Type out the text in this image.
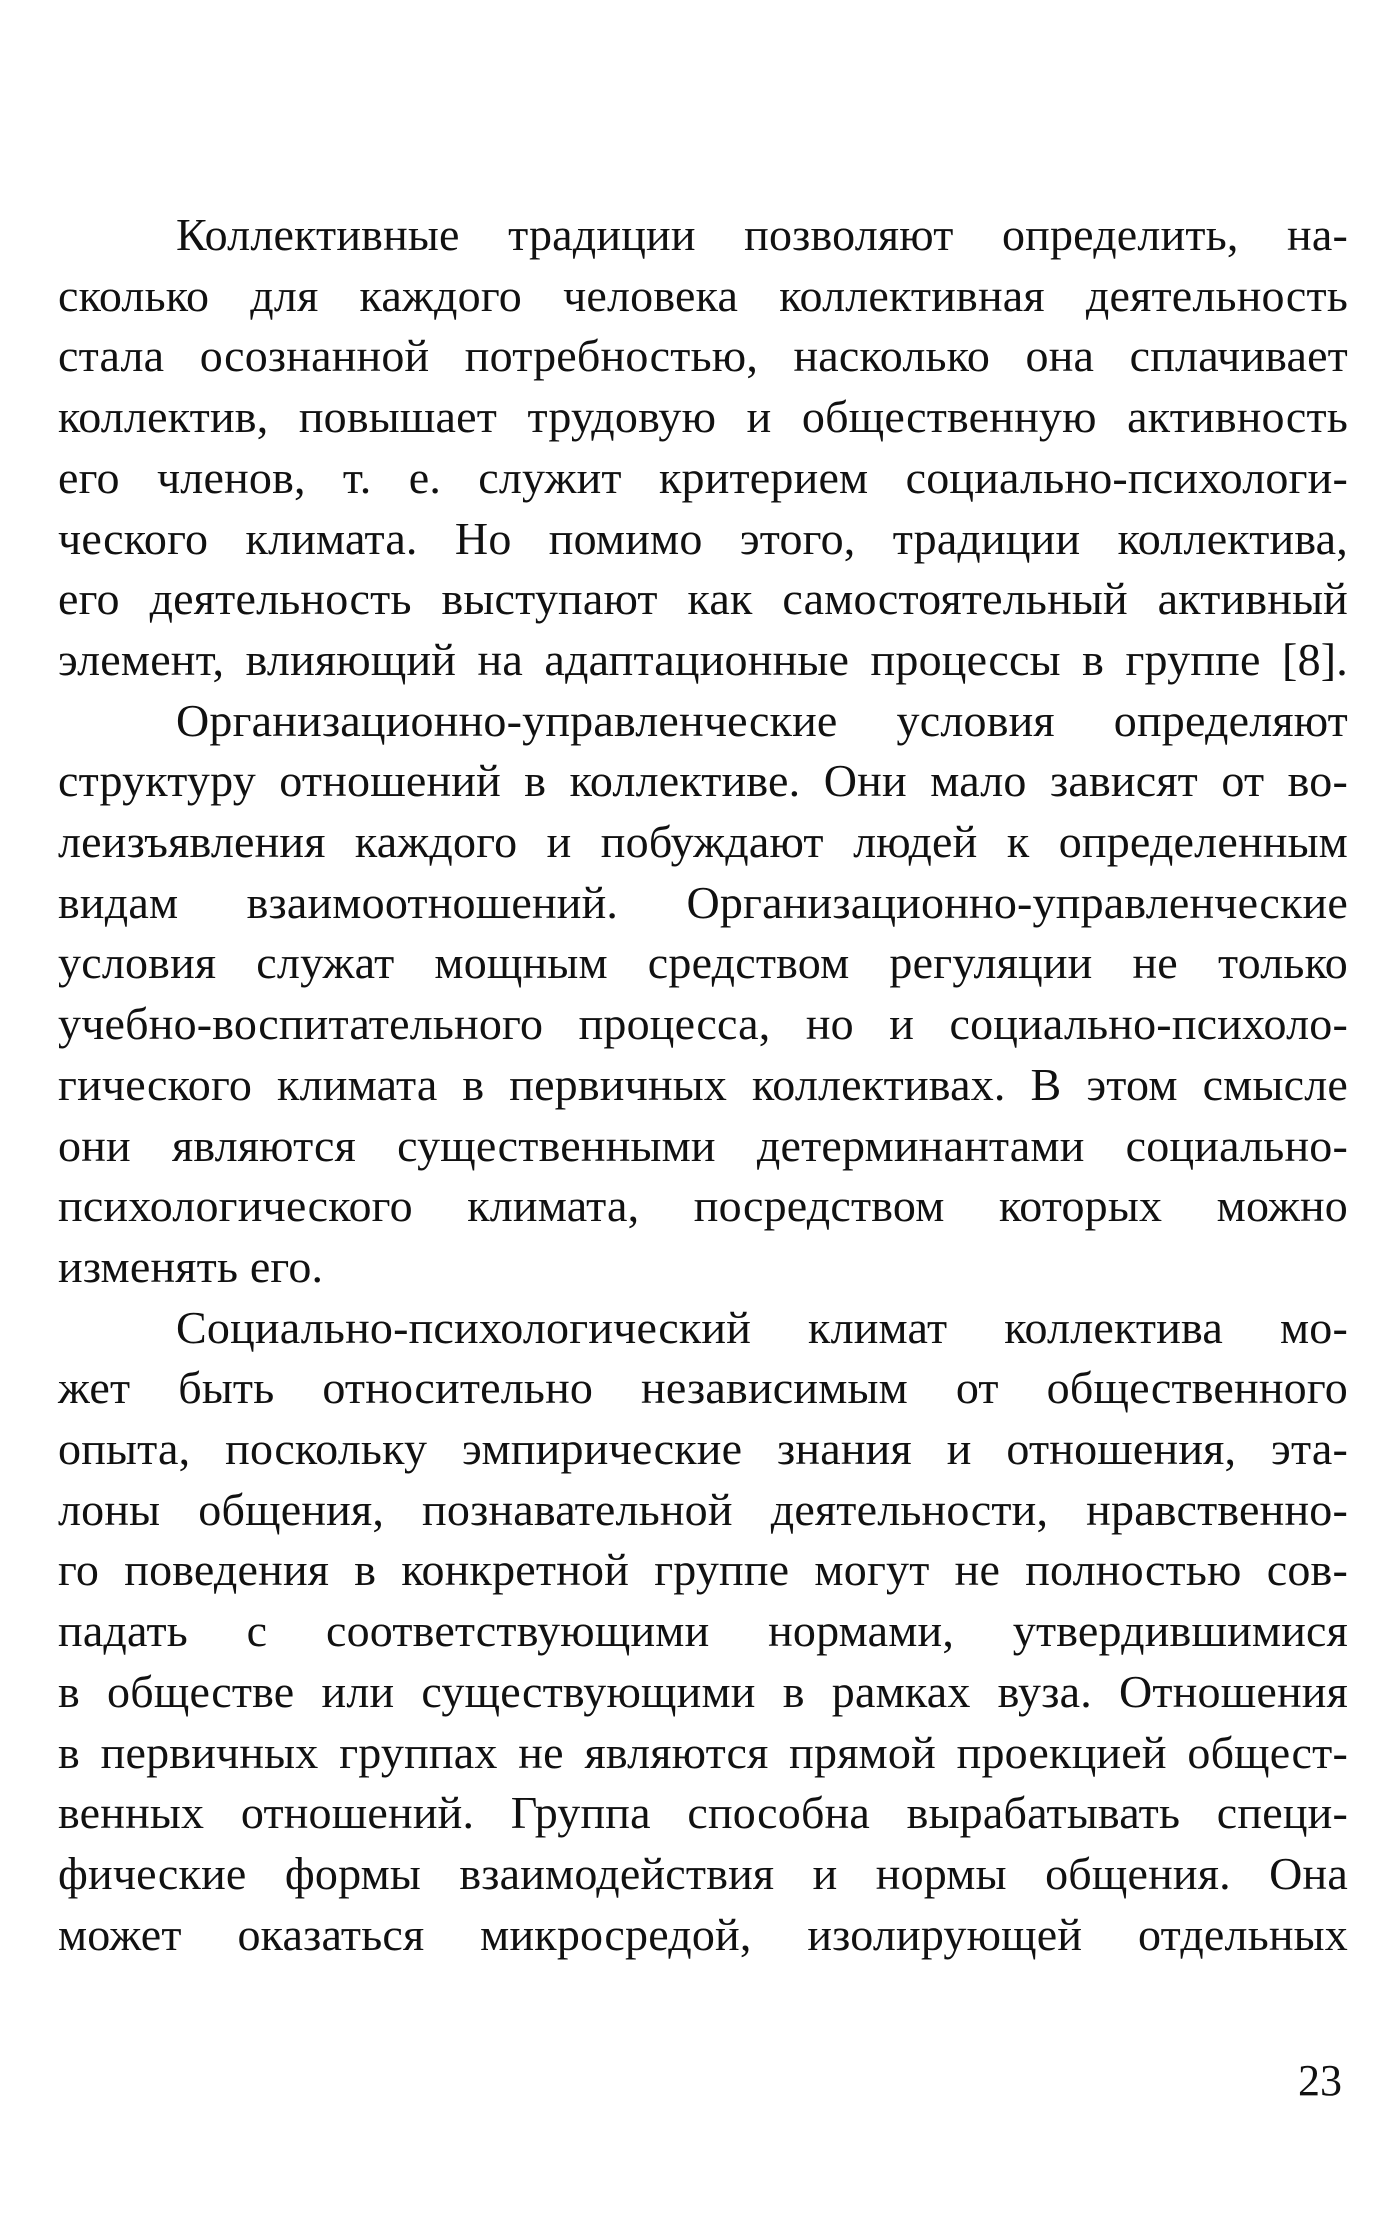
Коллективные традиции позволяют определить, на-
сколько для каждого человека коллективная деятельность
стала осознанной потребностью, насколько она сплачивает
коллектив, повышает трудовую и общественную активность
его членов, т. е. служит критерием социально-психологи-
ческого климата. Но помимо этого, традиции коллектива,
его деятельность выступают как самостоятельный активный
элемент, влияющий на адаптационные процессы в группе [8].

Организационно-управленческие условия определяют
структуру отношений в коллективе. Они мало зависят от во-
леизъявления каждого и побуждают людей к определенным
видам взаимоотношений. Организационно-управленческие
условия служат мощным средством регуляции не только
учебно-воспитательного процесса, но и социально-психоло-
гического климата в первичных коллективах. В этом смысле
они являются существенными детерминантами социально-
психологического климата, посредством которых можно
изменять его.

Социально-психологический климат коллектива мо-
жет быть относительно независимым от общественного
опыта, поскольку эмпирические знания и отношения, эта-
лоны общения, познавательной деятельности, нравственно-
го поведения в конкретной группе могут не полностью сов-
падать с соответствующими нормами, утвердившимися
в обществе или существующими в рамках вуза. Отношения
в первичных группах не являются прямой проекцией общест-
венных отношений. Группа способна вырабатывать специ-
фические формы взаимодействия и нормы общения. Она
может оказаться микросредой, изолирующей отдельных

23
